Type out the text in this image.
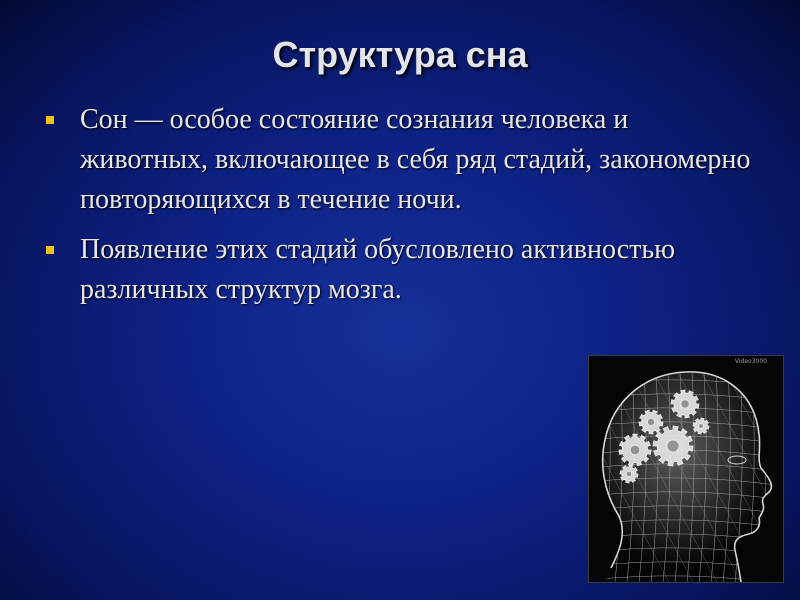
Структура сна
Сон — особое состояние сознания человека и животных, включающее в себя ряд стадий, закономерно повторяющихся в течение ночи.
Появление этих стадий обусловлено активностью различных структур мозга.
Video3000
